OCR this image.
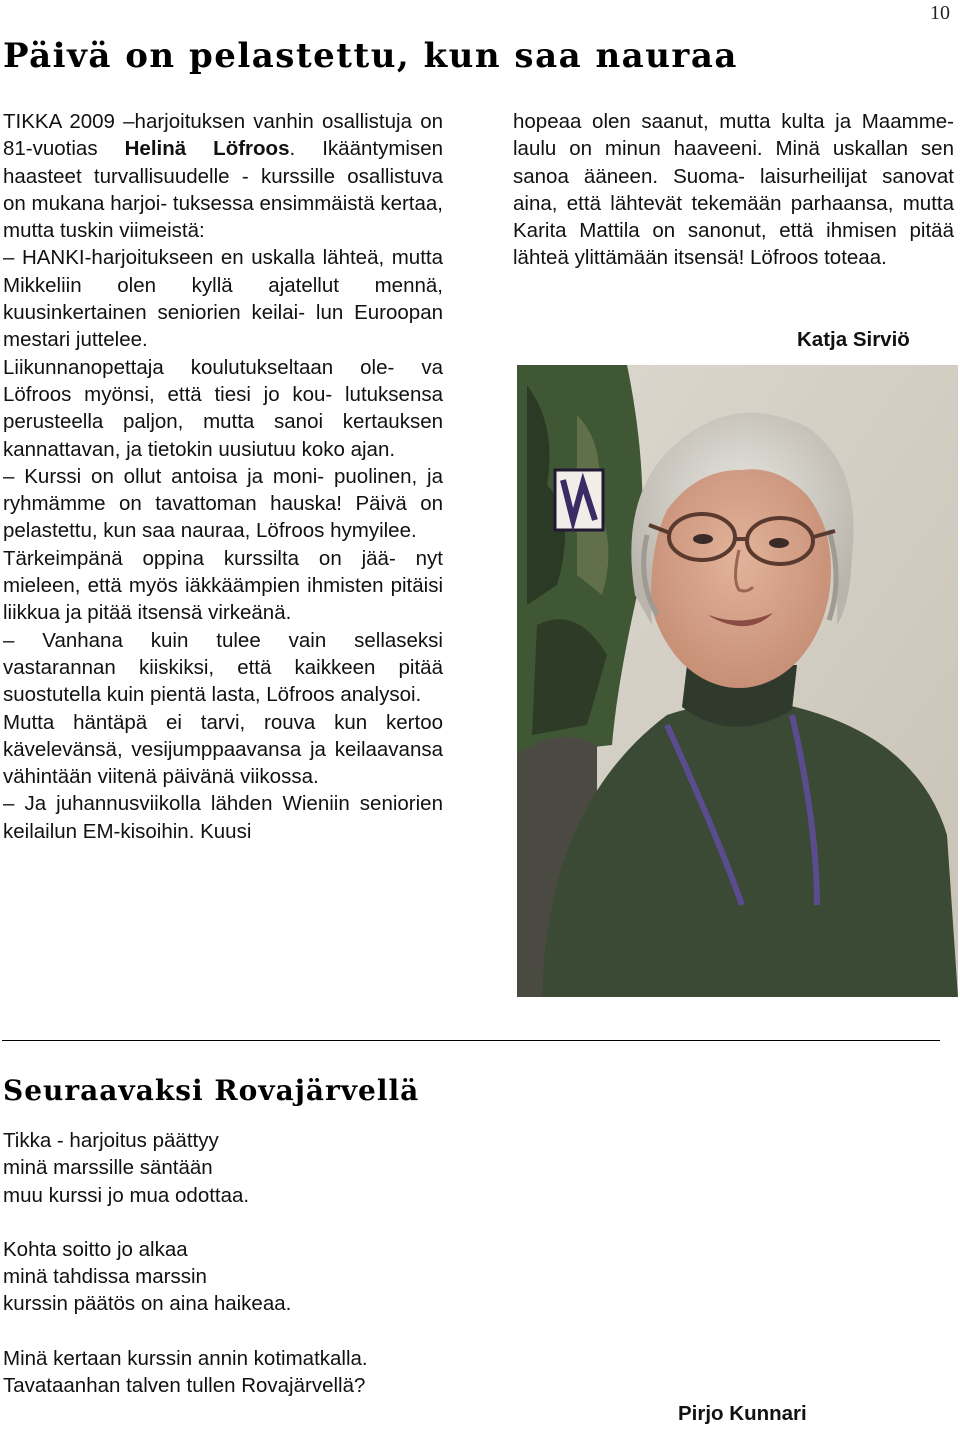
10
Päivä on pelastettu, kun saa nauraa

TIKKA 2009 –harjoituksen vanhin osallistuja on 81-vuotias Helinä Löfroos. Ikääntymisen haasteet turvallisuudelle - kurssille osallistuva on mukana harjoi- tuksessa ensimmäistä kertaa, mutta tuskin viimeistä:

– HANKI-harjoitukseen en uskalla lähteä, mutta Mikkeliin olen kyllä ajatellut mennä, kuusinkertainen seniorien keilai- lun Euroopan mestari juttelee.

Liikunnanopettaja koulutukseltaan ole- va Löfroos myönsi, että tiesi jo kou- lutuksensa perusteella paljon, mutta sanoi kertauksen kannattavan, ja tietokin uusiutuu koko ajan.

– Kurssi on ollut antoisa ja moni- puolinen, ja ryhmämme on tavattoman hauska! Päivä on pelastettu, kun saa nauraa, Löfroos hymyilee.

Tärkeimpänä oppina kurssilta on jää- nyt mieleen, että myös iäkkäämpien ihmisten pitäisi liikkua ja pitää itsensä virkeänä.

– Vanhana kuin tulee vain sellaseksi vastarannan kiiskiksi, että kaikkeen pitää suostutella kuin pientä lasta, Löfroos analysoi.

Mutta häntäpä ei tarvi, rouva kun kertoo kävelevänsä, vesijumppaavansa ja keilaavansa vähintään viitenä päivänä viikossa.

– Ja juhannusviikolla lähden Wieniin seniorien keilailun EM-kisoihin. Kuusi

hopeaa olen saanut, mutta kulta ja Maamme-laulu on minun haaveeni. Minä uskallan sen sanoa ääneen. Suoma- laisurheilijat sanovat aina, että lähtevät tekemään parhaansa, mutta Karita Mattila on sanonut, että ihmisen pitää lähteä ylittämään itsensä! Löfroos toteaa.

Katja Sirviö
Seuraavaksi Rovajärvellä
Tikka - harjoitus päättyy
minä marssille säntään
muu kurssi jo mua odottaa.
Kohta soitto jo alkaa
minä tahdissa marssin
kurssin päätös on aina haikeaa.
Minä kertaan kurssin annin kotimatkalla.
Tavataanhan talven tullen Rovajärvellä?
Pirjo Kunnari
